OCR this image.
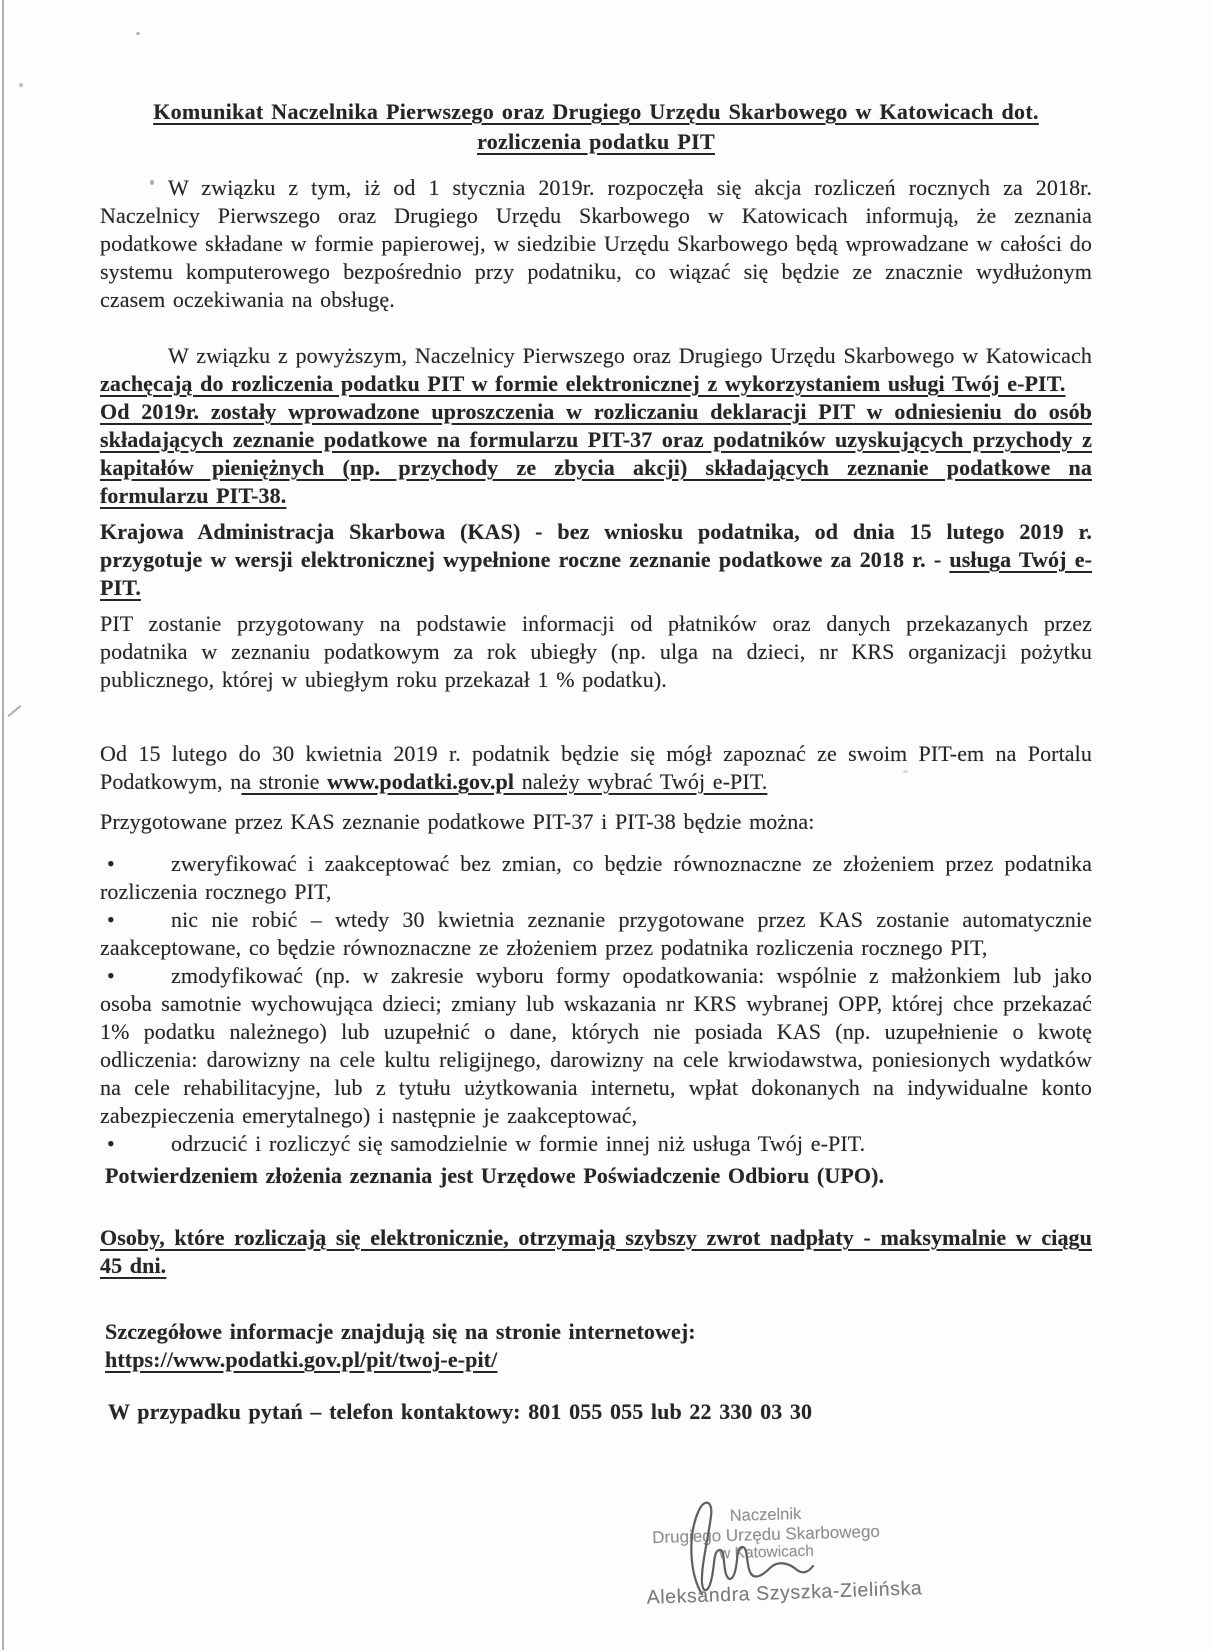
Komunikat Naczelnika Pierwszego oraz Drugiego Urzędu Skarbowego w Katowicach dot.
rozliczenia podatku PIT

W związku z tym, iż od 1 stycznia 2019r. rozpoczęła się akcja rozliczeń rocznych za 2018r. Naczelnicy Pierwszego oraz Drugiego Urzędu Skarbowego w Katowicach informują, że zeznania podatkowe składane w formie papierowej, w siedzibie Urzędu Skarbowego będą wprowadzane w całości do systemu komputerowego bezpośrednio przy podatniku, co wiązać się będzie ze znacznie wydłużonym czasem oczekiwania na obsługę.

W związku z powyższym, Naczelnicy Pierwszego oraz Drugiego Urzędu Skarbowego w Katowicach zachęcają do rozliczenia podatku PIT w formie elektronicznej z wykorzystaniem usługi Twój e-PIT.

Od 2019r. zostały wprowadzone uproszczenia w rozliczaniu deklaracji PIT w odniesieniu do osób składających zeznanie podatkowe na formularzu PIT-37 oraz podatników uzyskujących przychody z kapitałów pieniężnych (np. przychody ze zbycia akcji) składających zeznanie podatkowe na formularzu PIT-38.

Krajowa Administracja Skarbowa (KAS) - bez wniosku podatnika, od dnia 15 lutego 2019 r. przygotuje w wersji elektronicznej wypełnione roczne zeznanie podatkowe za 2018 r. - usługa Twój e-PIT.

PIT zostanie przygotowany na podstawie informacji od płatników oraz danych przekazanych przez podatnika w zeznaniu podatkowym za rok ubiegły (np. ulga na dzieci, nr KRS organizacji pożytku publicznego, której w ubiegłym roku przekazał 1 % podatku).

Od 15 lutego do 30 kwietnia 2019 r. podatnik będzie się mógł zapoznać ze swoim PIT-em na Portalu Podatkowym, na stronie www.podatki.gov.pl należy wybrać Twój e-PIT.

Przygotowane przez KAS zeznanie podatkowe PIT-37 i PIT-38 będzie można:

•	zweryfikować i zaakceptować bez zmian, co będzie równoznaczne ze złożeniem przez podatnika rozliczenia rocznego PIT,

•	nic nie robić – wtedy 30 kwietnia zeznanie przygotowane przez KAS zostanie automatycznie zaakceptowane, co będzie równoznaczne ze złożeniem przez podatnika rozliczenia rocznego PIT,

•	zmodyfikować (np. w zakresie wyboru formy opodatkowania: wspólnie z małżonkiem lub jako osoba samotnie wychowująca dzieci; zmiany lub wskazania nr KRS wybranej OPP, której chce przekazać 1% podatku należnego) lub uzupełnić o dane, których nie posiada KAS (np. uzupełnienie o kwotę odliczenia: darowizny na cele kultu religijnego, darowizny na cele krwiodawstwa, poniesionych wydatków na cele rehabilitacyjne, lub z tytułu użytkowania internetu, wpłat dokonanych na indywidualne konto zabezpieczenia emerytalnego) i następnie je zaakceptować,

•	odrzucić i rozliczyć się samodzielnie w formie innej niż usługa Twój e-PIT.

Potwierdzeniem złożenia zeznania jest Urzędowe Poświadczenie Odbioru (UPO).

Osoby, które rozliczają się elektronicznie, otrzymają szybszy zwrot nadpłaty - maksymalnie w ciągu 45 dni.

Szczegółowe informacje znajdują się na stronie internetowej:
https://www.podatki.gov.pl/pit/twoj-e-pit/

W przypadku pytań – telefon kontaktowy: 801 055 055 lub 22 330 03 30

Naczelnik
Drugiego Urzędu Skarbowego
w Katowicach
Aleksandra Szyszka-Zielińska
